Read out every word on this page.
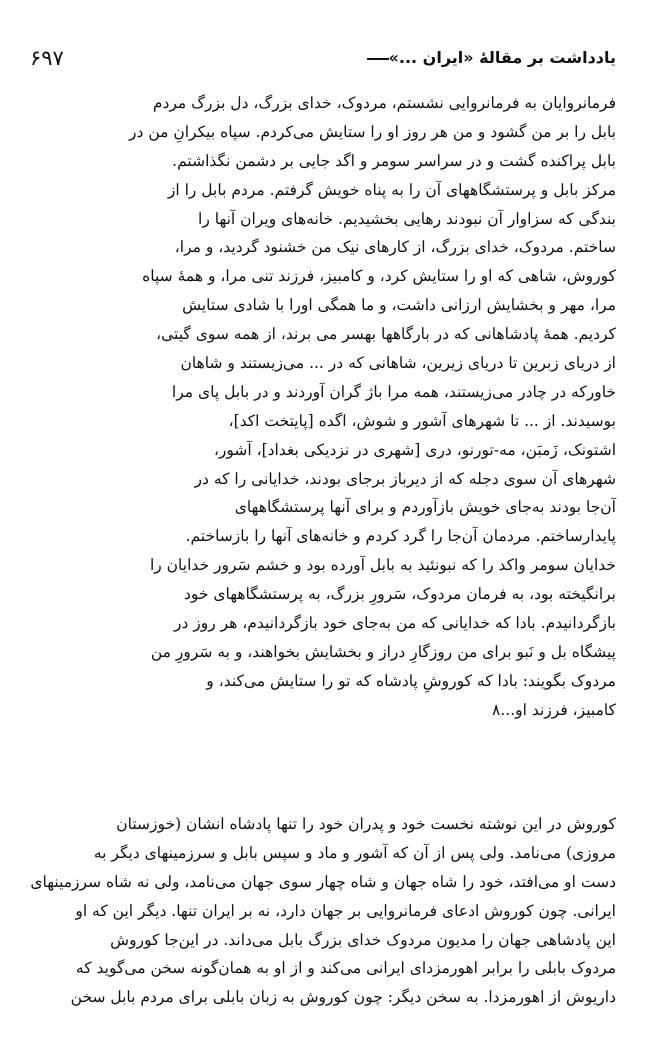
۶۹۷	یادداشت بر مقالهٔ «ایران ...»
فرمانروایان به فرمانروایی نشستم، مردوک، خدای بزرگ، دل بزرگ مردم
بابل را بر من گشود و من هر روز او را ستایش می‌کردم. سپاه بیکرانِ من در
بابل پراکنده گشت و در سراسر سومر و اگد جایی بر دشمن نگذاشتم.
مرکز بابل و پرستشگاههای آن را به پناه خویش گرفتم. مردم بابل را از
بندگی که سزاوار آن نبودند رهایی بخشیدیم. خانه‌های ویران آنها را
ساختم. مردوک، خدای بزرگ، از کارهای نیک من خشنود گردید، و مرا،
کوروش، شاهی که او را ستایش کرد، و کامبیز، فرزند تنی مرا، و همهٔ سپاه
مرا، مهر و بخشایش ارزانی داشت، و ما همگی اورا با شادی ستایش
کردیم. همهٔ پادشاهانی که در بارگاهها بهسر می برند، از همه سوی گیتی،
از دریای زبرین تا دریای زیرین، شاهانی که در ... می‌زیستند و شاهان
خاورکه در چادر می‌زیستند، همه مرا باژ گران آوردند و در بابل پای مرا
بوسیدند. از ... تا شهرهای آشور و شوش، اگده [پایتخت اکد]،
اشتونک، زَمبَن، مه-تورنو، دری [شهری در نزدیکی بغداد]، آشور،
شهرهای آن سوی دجله که از دیرباز برجای بودند، خدایانی را که در
آن‌جا بودند به‌جای خویش بازآوردم و برای آنها پرستشگاههای
پایدارساختم. مردمان آن‌جا را گرد کردم و خانه‌های آنها را بازساختم.
خدایان سومر واکد را که نبونئید به بابل آورده بود و خشم سَرور خدایان را
برانگیخته بود، به فرمان مردوک، سَرورِ بزرگ، به پرستشگاههای خود
بازگردانیدم. بادا که خدایانی که من به‌جای خود بازگردانیدم، هر روز در
پیشگاه بل و نَبو برای من روزگارِ دراز و بخشایش بخواهند، و به سَرورِ من
مردوک بگویند: بادا که کوروشِ پادشاه که تو را ستایش می‌کند، و
کامبیز، فرزند او...۸
کوروش در این نوشته نخست خود و پدران خود را تنها پادشاه انشان (خوزستان
مروزی) می‌نامد. ولی پس از آن که آشور و ماد و سپس بابل و سرزمینهای دیگر به
دست او می‌افتد، خود را شاه جهان و شاه چهار سوی جهان می‌نامد، ولی نه شاه سرزمینهای
ایرانی. چون کوروش ادعای فرمانروایی بر جهان دارد، نه بر ایران تنها. دیگر این که او
این پادشاهی جهان را مدیون مردوک خدای بزرگ بابل می‌داند. در این‌جا کوروش
مردوک بابلی را برابر اهورمزدای ایرانی می‌کند و از او به همان‌گونه سخن می‌گوید که
داریوش از اهورمزدا. به سخن دیگر: چون کوروش به زبان بابلی برای مردم بابل سخن
